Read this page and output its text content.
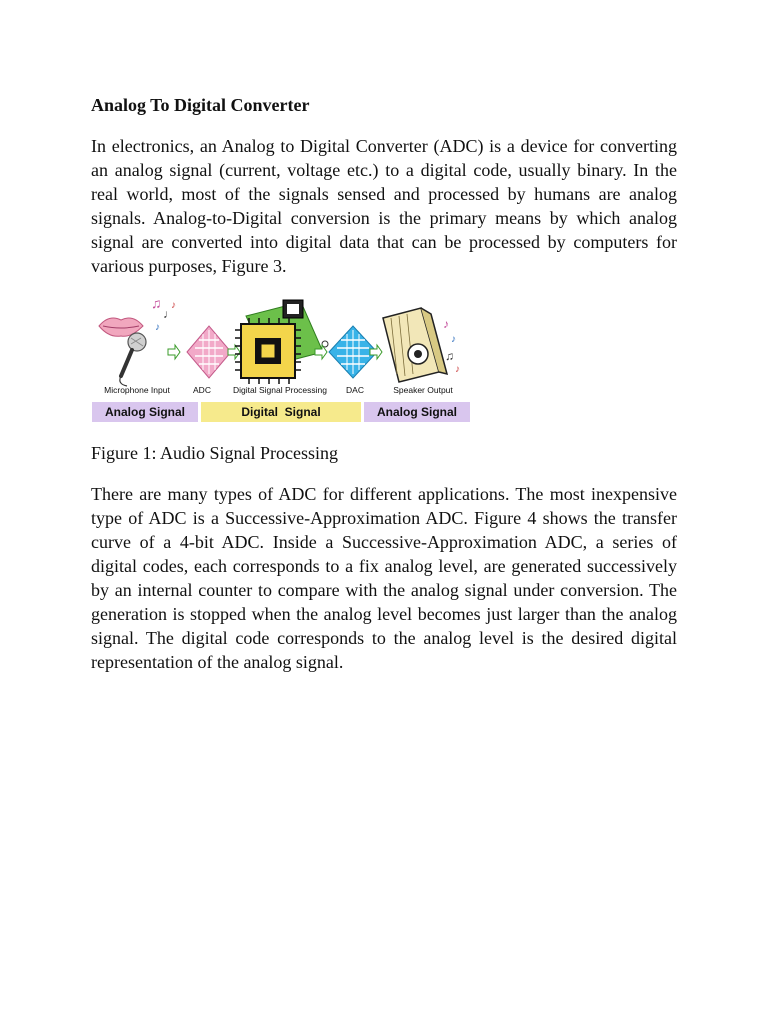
Analog To Digital Converter

In electronics, an Analog to Digital Converter (ADC) is a device for converting an analog signal (current, voltage etc.) to a digital code, usually binary. In the real world, most of the signals sensed and processed by humans are analog signals. Analog-to-Digital conversion is the primary means by which analog signal are converted into digital data that can be processed by computers for various purposes, Figure 3.

♫
♩
♪
♪
♪
♪
♫
♪
Microphone Input	ADC	Digital Signal Processing DAC	Speaker Output
Analog Signal	Digital  Signal	Analog Signal

Figure 1: Audio Signal Processing

There are many types of ADC for different applications. The most inexpensive type of ADC is a Successive-Approximation ADC. Figure 4 shows the transfer curve of a 4-bit ADC. Inside a Successive-Approximation ADC, a series of digital codes, each corresponds to a fix analog level, are generated successively by an internal counter to compare with the analog signal under conversion. The generation is stopped when the analog level becomes just larger than the analog signal. The digital code corresponds to the analog level is the desired digital representation of the analog signal.
